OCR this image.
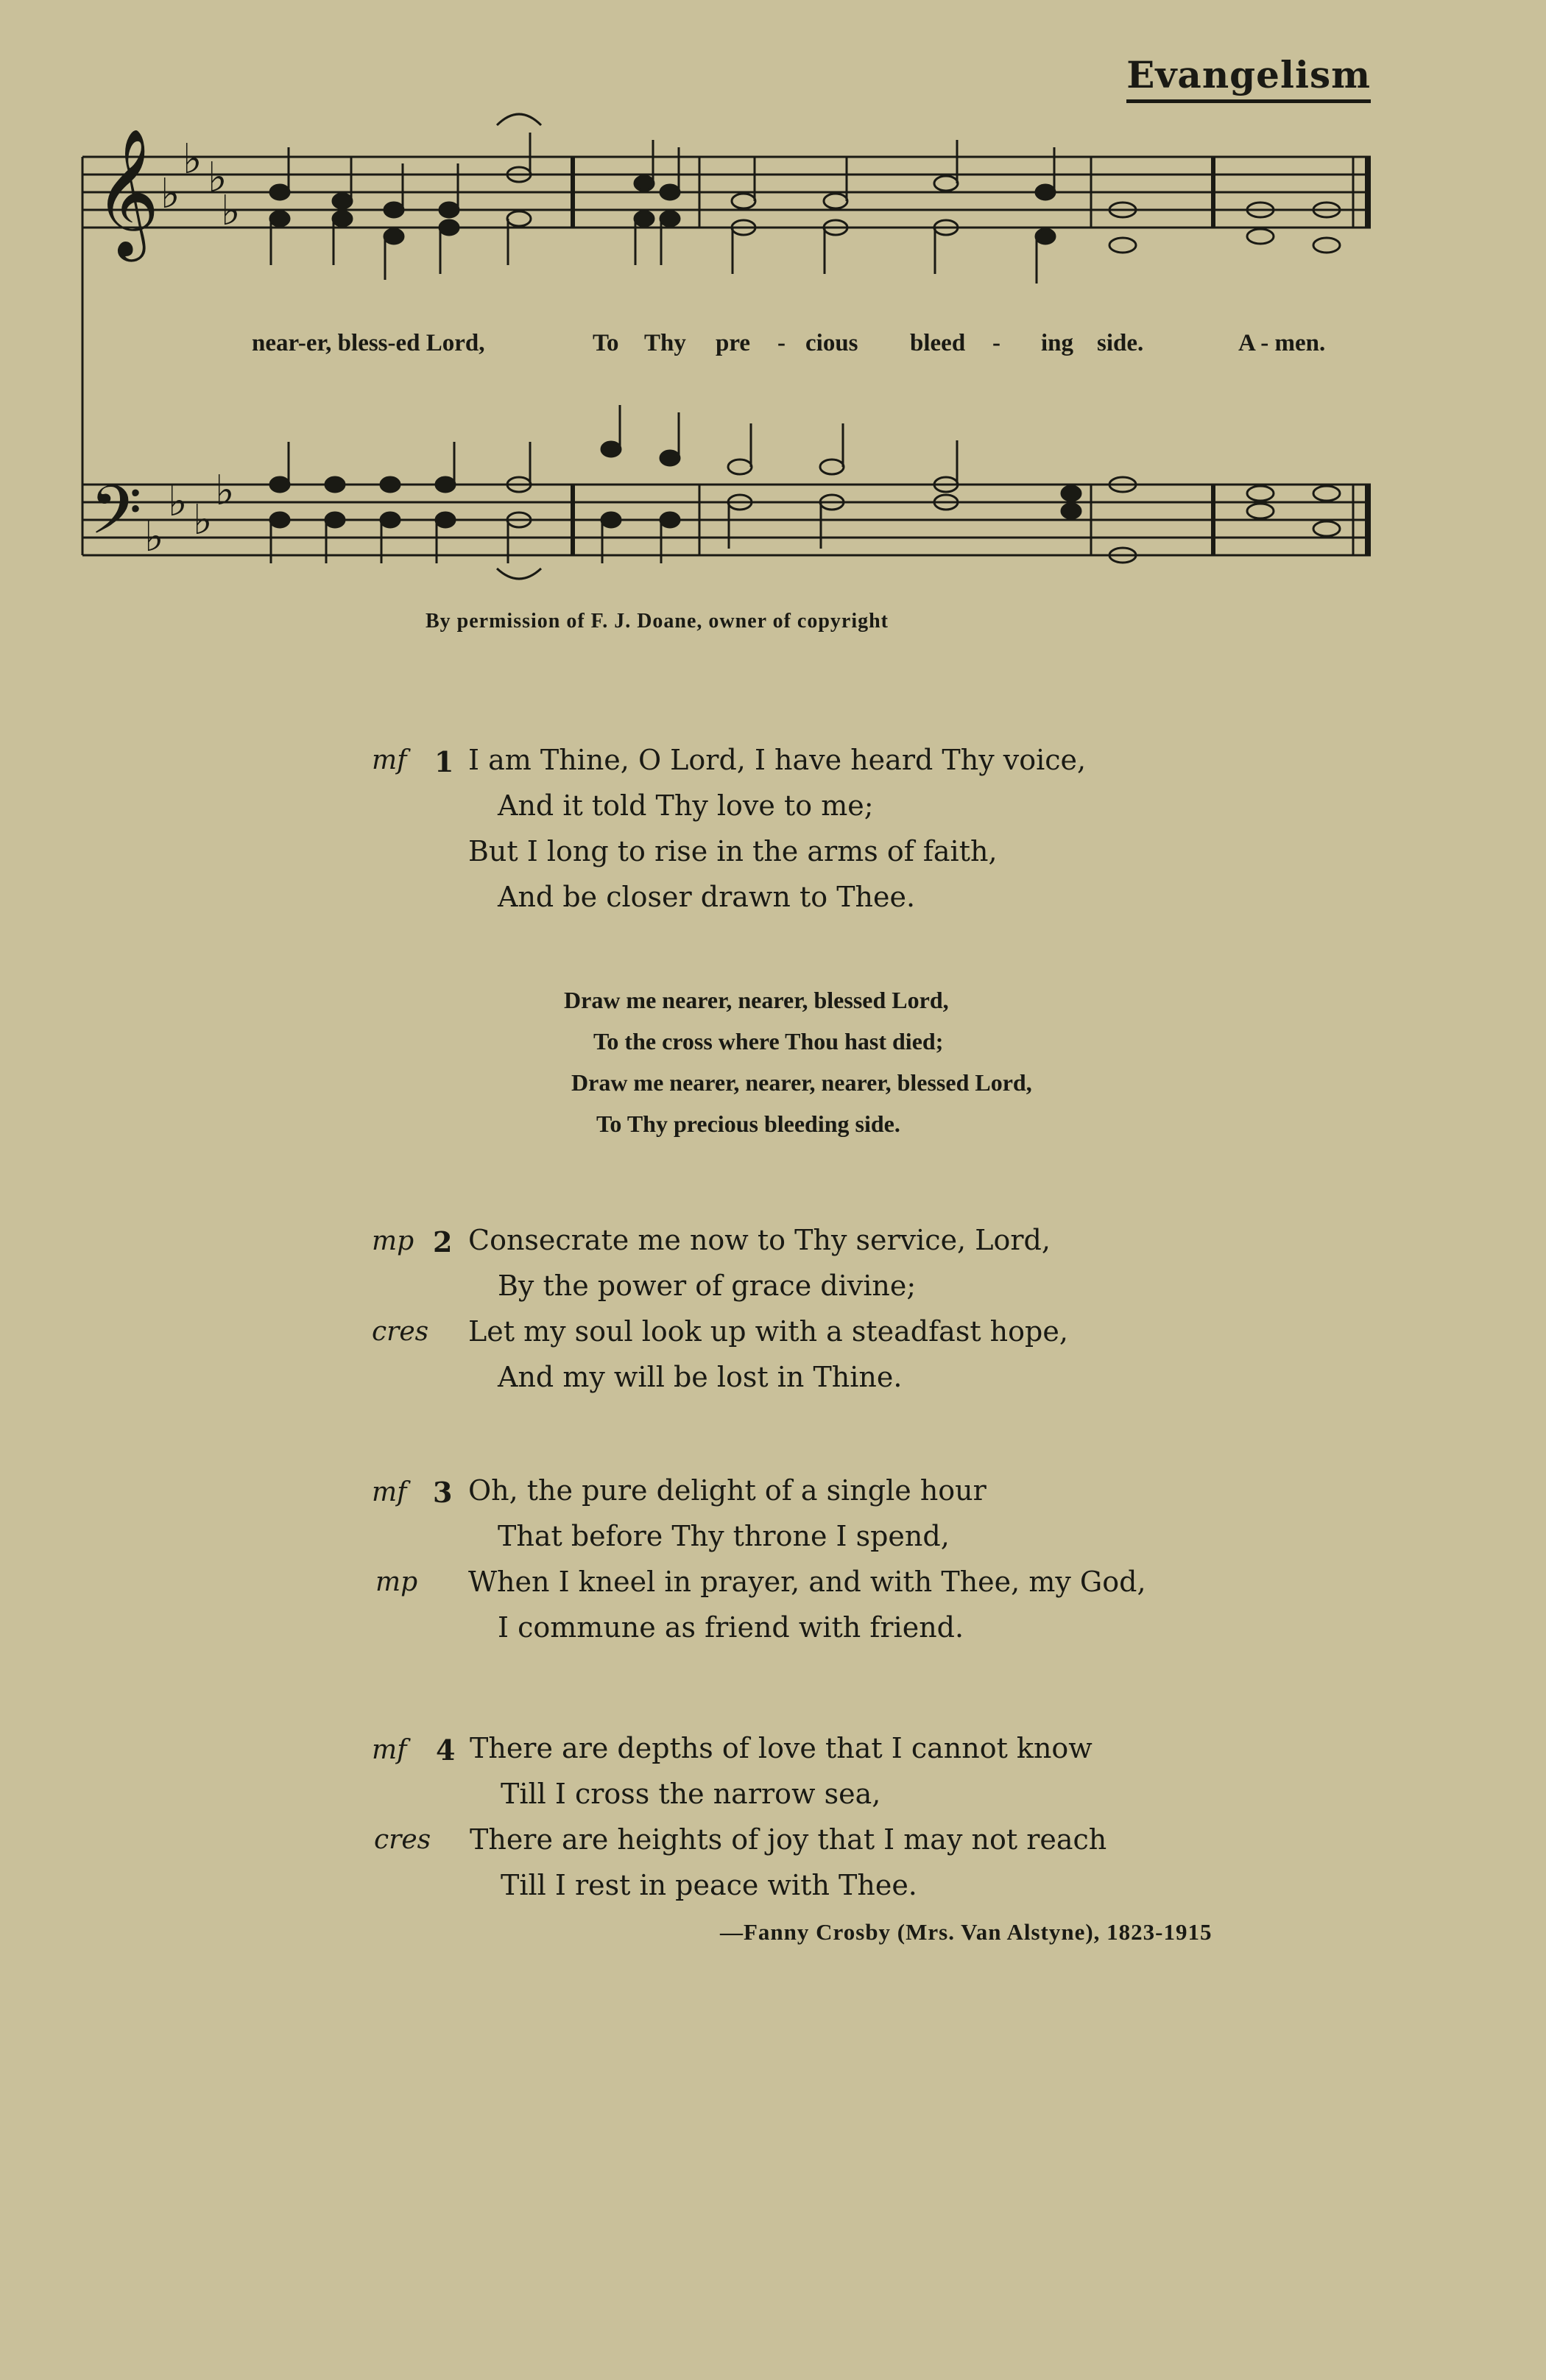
Evangelism
𝄞
𝄢
♭ ♭
♭ ♭
♭ ♭
♭
♭
near-er, bless-ed Lord,	To Thy pre - cious bleed - ing side.	A - men.
By permission of F. J. Doane, owner of copyright
mf 1 I am Thine, O Lord, I have heard Thy voice,
And it told Thy love to me;
But I long to rise in the arms of faith,
And be closer drawn to Thee.
Draw me nearer, nearer, blessed Lord,
To the cross where Thou hast died;
Draw me nearer, nearer, nearer, blessed Lord,
To Thy precious bleeding side.
mp 2 Consecrate me now to Thy service, Lord,
By the power of grace divine;
cres Let my soul look up with a steadfast hope,
And my will be lost in Thine.
mf 3 Oh, the pure delight of a single hour
That before Thy throne I spend,
mp When I kneel in prayer, and with Thee, my God,
I commune as friend with friend.
mf 4 There are depths of love that I cannot know
Till I cross the narrow sea,
cres There are heights of joy that I may not reach
Till I rest in peace with Thee.
—Fanny Crosby (Mrs. Van Alstyne), 1823-1915
